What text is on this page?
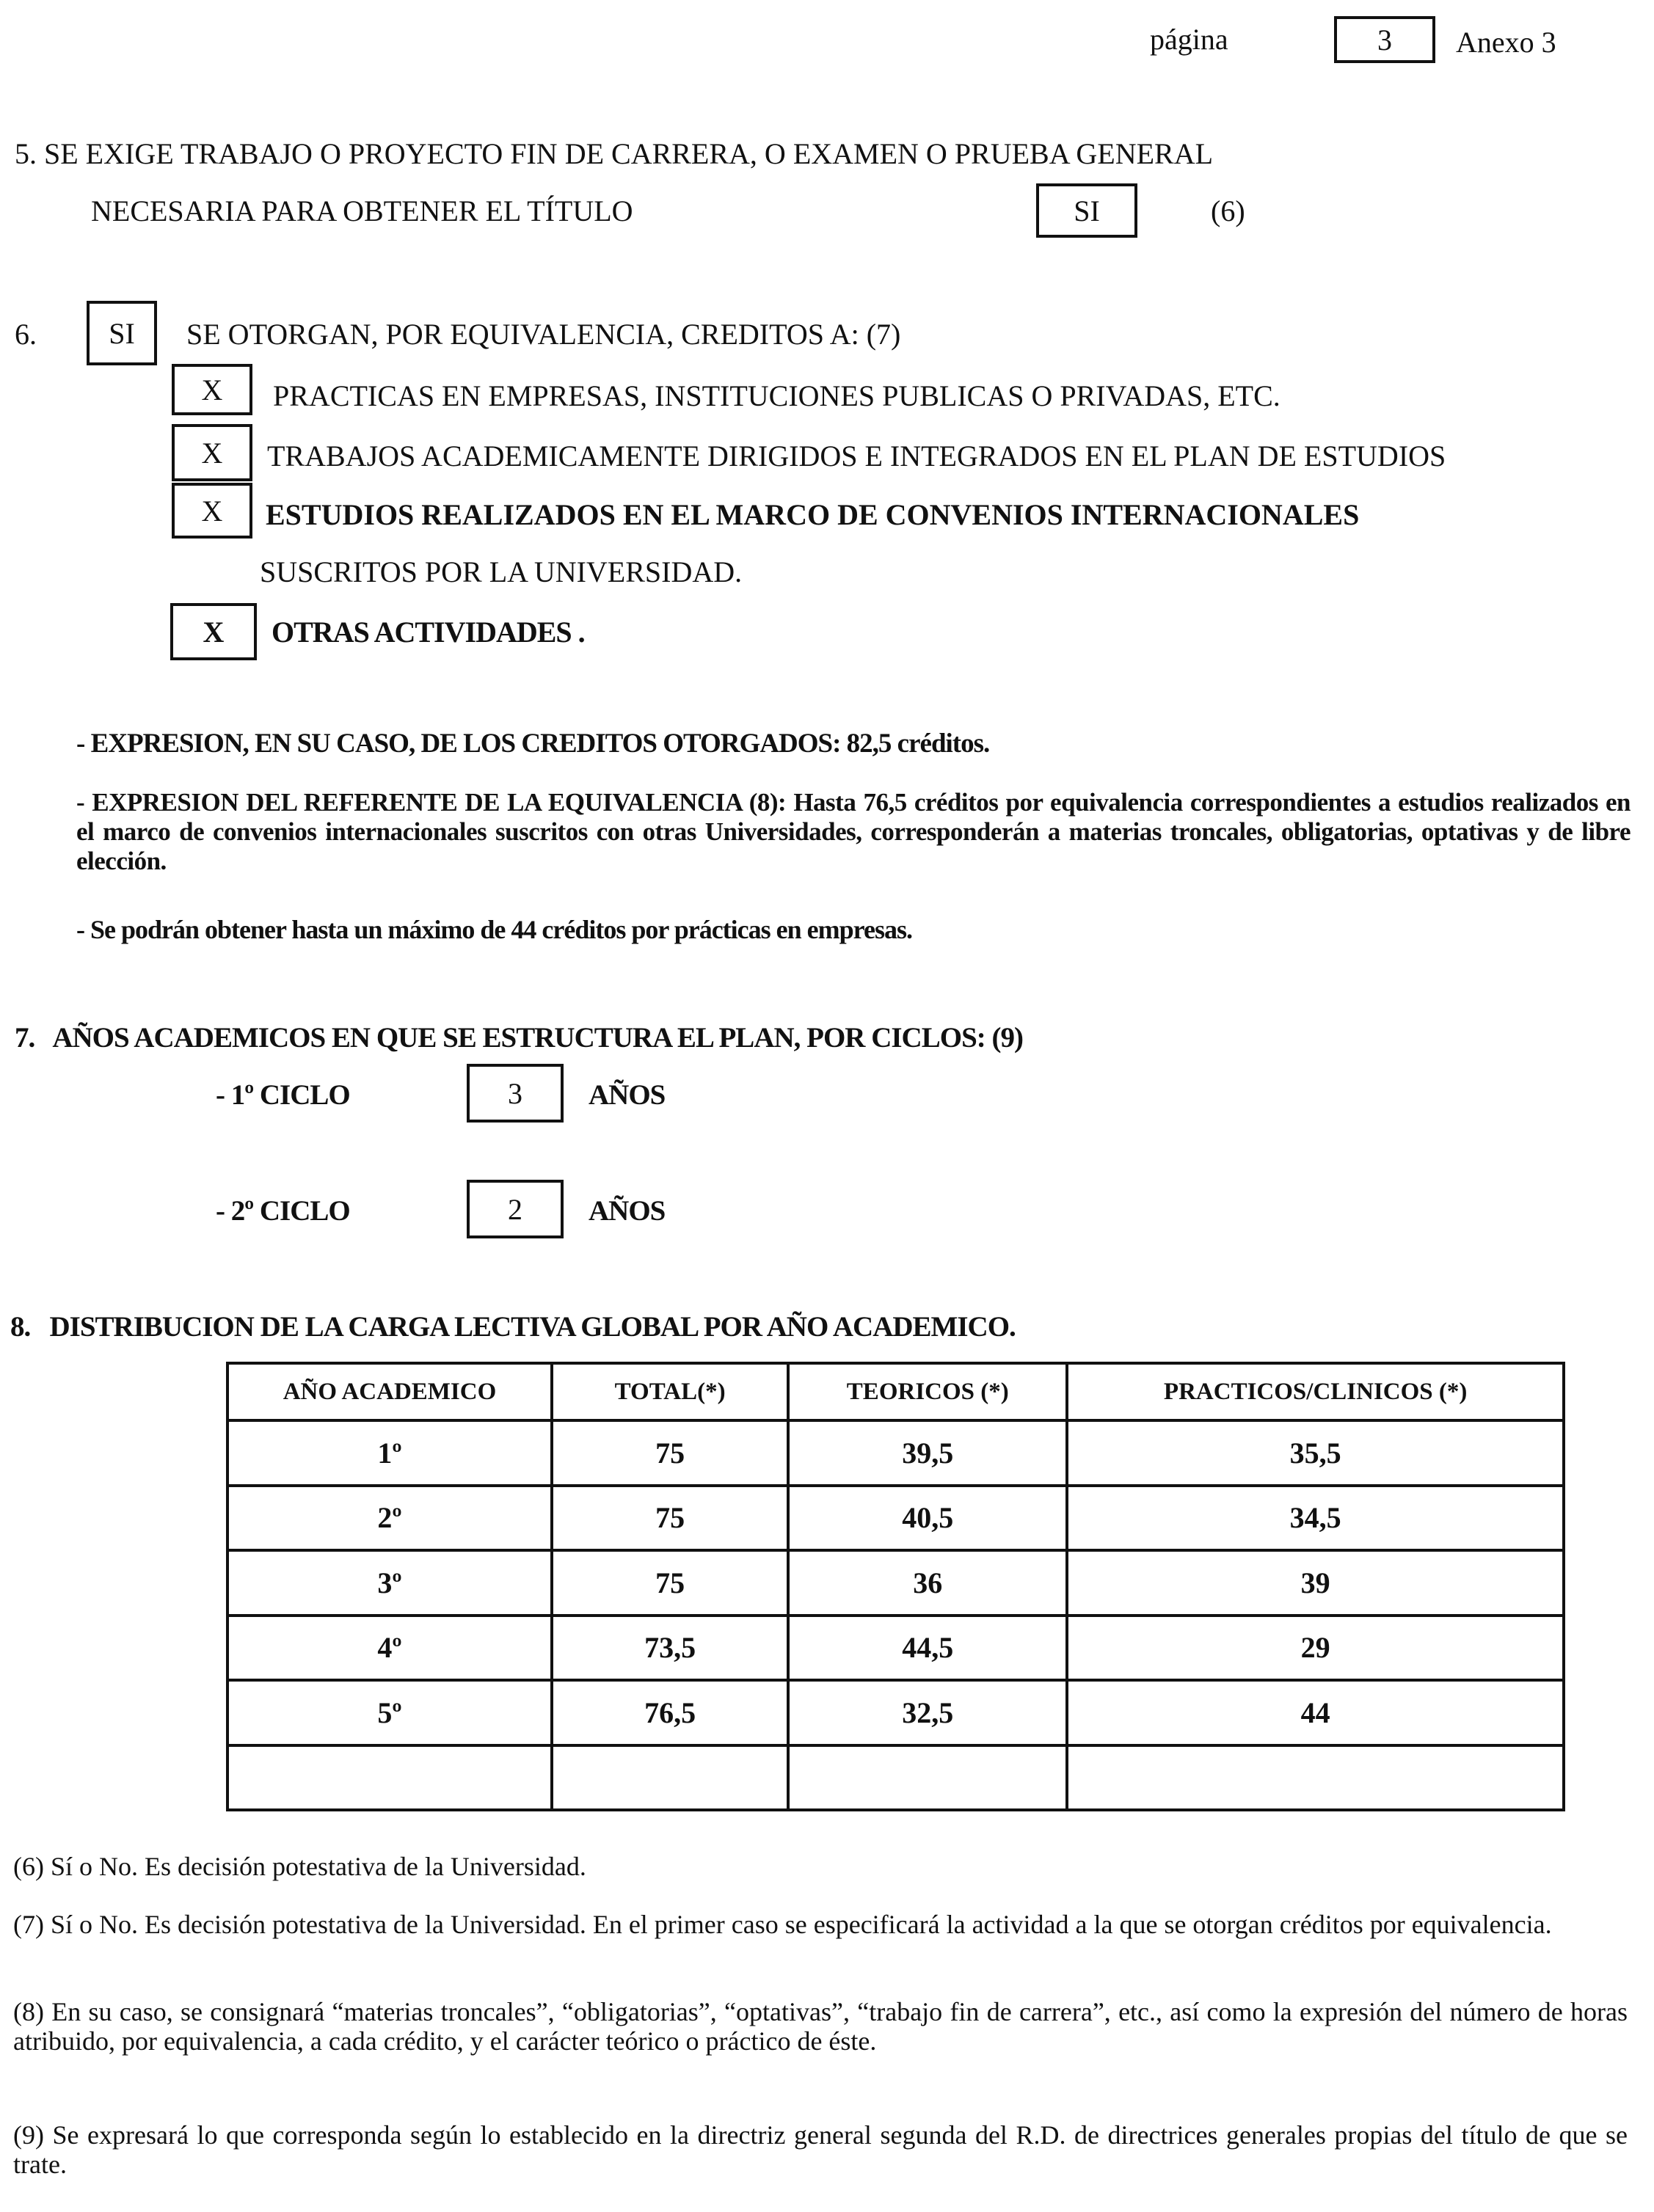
página	3 Anexo 3
5. SE EXIGE TRABAJO O PROYECTO FIN DE CARRERA, O EXAMEN O PRUEBA GENERAL
NECESARIA PARA OBTENER EL TÍTULO	SI	(6)
6. SI SE OTORGAN, POR EQUIVALENCIA, CREDITOS A: (7)
X PRACTICAS EN EMPRESAS, INSTITUCIONES PUBLICAS O PRIVADAS, ETC.
X TRABAJOS ACADEMICAMENTE DIRIGIDOS E INTEGRADOS EN EL PLAN DE ESTUDIOS
X ESTUDIOS REALIZADOS EN EL MARCO DE CONVENIOS INTERNACIONALES
SUSCRITOS POR LA UNIVERSIDAD.
X OTRAS ACTIVIDADES .
- EXPRESION, EN SU CASO, DE LOS CREDITOS OTORGADOS: 82,5 créditos.
- EXPRESION DEL REFERENTE DE LA EQUIVALENCIA (8): Hasta 76,5 créditos por equivalencia correspondientes a estudios realizados en el marco de convenios internacionales suscritos con otras Universidades, corresponderán a materias troncales, obligatorias, optativas y de libre elección.
- Se podrán obtener hasta un máximo de 44 créditos por prácticas en empresas.
7.   AÑOS ACADEMICOS EN QUE SE ESTRUCTURA EL PLAN, POR CICLOS: (9)
- 1º CICLO	3 AÑOS
- 2º CICLO	2 AÑOS
8.   DISTRIBUCION DE LA CARGA LECTIVA GLOBAL POR AÑO ACADEMICO.
AÑO ACADEMICO	TOTAL(*)	TEORICOS (*)	PRACTICOS/CLINICOS (*)
1º	75	39,5	35,5
2º	75	40,5	34,5
3º	75	36	39
4º	73,5	44,5	29
5º	76,5	32,5	44

(6) Sí o No. Es decisión potestativa de la Universidad.
(7) Sí o No. Es decisión potestativa de la Universidad. En el primer caso se especificará la actividad a la que se otorgan créditos por equivalencia.
(8) En su caso, se consignará “materias troncales”, “obligatorias”, “optativas”, “trabajo fin de carrera”, etc., así como la expresión del número de horas atribuido, por equivalencia, a cada crédito, y el carácter teórico o práctico de éste.
(9) Se expresará lo que corresponda según lo establecido en la directriz general segunda del R.D. de directrices generales propias del título de que se trate.
